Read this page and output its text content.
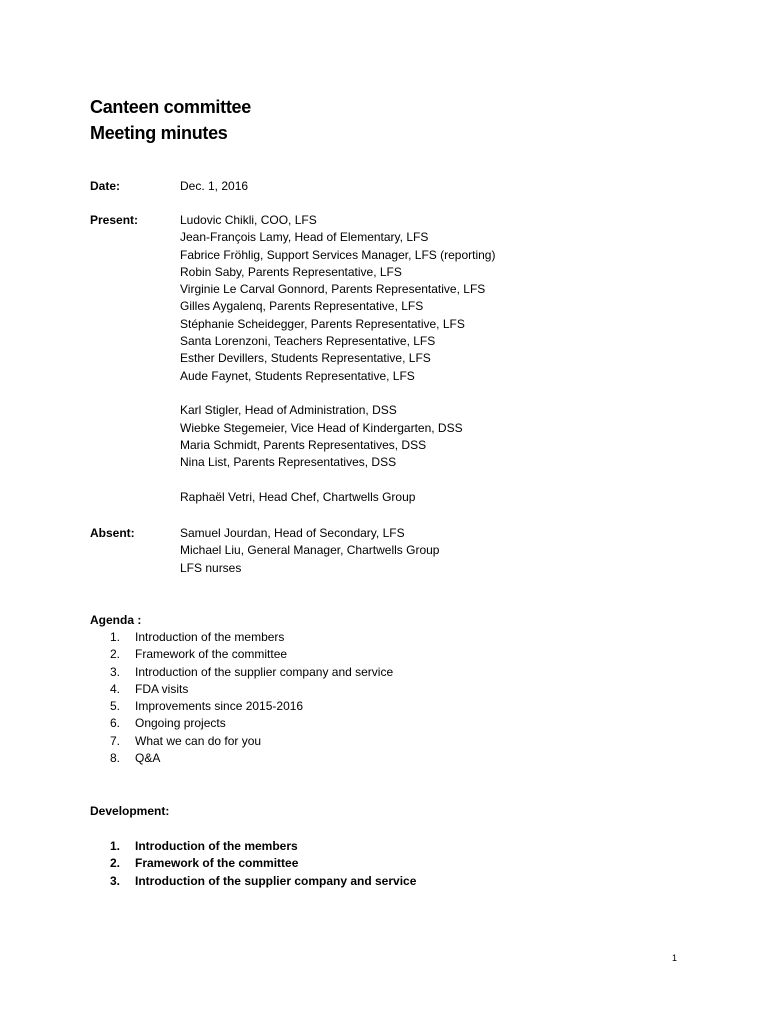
Canteen committee
Meeting minutes
Date:	Dec. 1, 2016
Present:	Ludovic Chikli, COO, LFS
Jean-François Lamy, Head of Elementary, LFS
Fabrice Fröhlig, Support Services Manager, LFS (reporting)
Robin Saby, Parents Representative, LFS
Virginie Le Carval Gonnord, Parents Representative, LFS
Gilles Aygalenq, Parents Representative, LFS
Stéphanie Scheidegger, Parents Representative, LFS
Santa Lorenzoni, Teachers Representative, LFS
Esther Devillers, Students Representative, LFS
Aude Faynet, Students Representative, LFS
Karl Stigler, Head of Administration, DSS
Wiebke Stegemeier, Vice Head of Kindergarten, DSS
Maria Schmidt, Parents Representatives, DSS
Nina List, Parents Representatives, DSS
Raphaël Vetri, Head Chef, Chartwells Group
Absent:	Samuel Jourdan, Head of Secondary, LFS
Michael Liu, General Manager, Chartwells Group
LFS nurses
Agenda :
1. Introduction of the members
2. Framework of the committee
3. Introduction of the supplier company and service
4. FDA visits
5. Improvements since 2015-2016
6. Ongoing projects
7. What we can do for you
8. Q&A
Development:
1. Introduction of the members
2. Framework of the committee
3. Introduction of the supplier company and service
1
